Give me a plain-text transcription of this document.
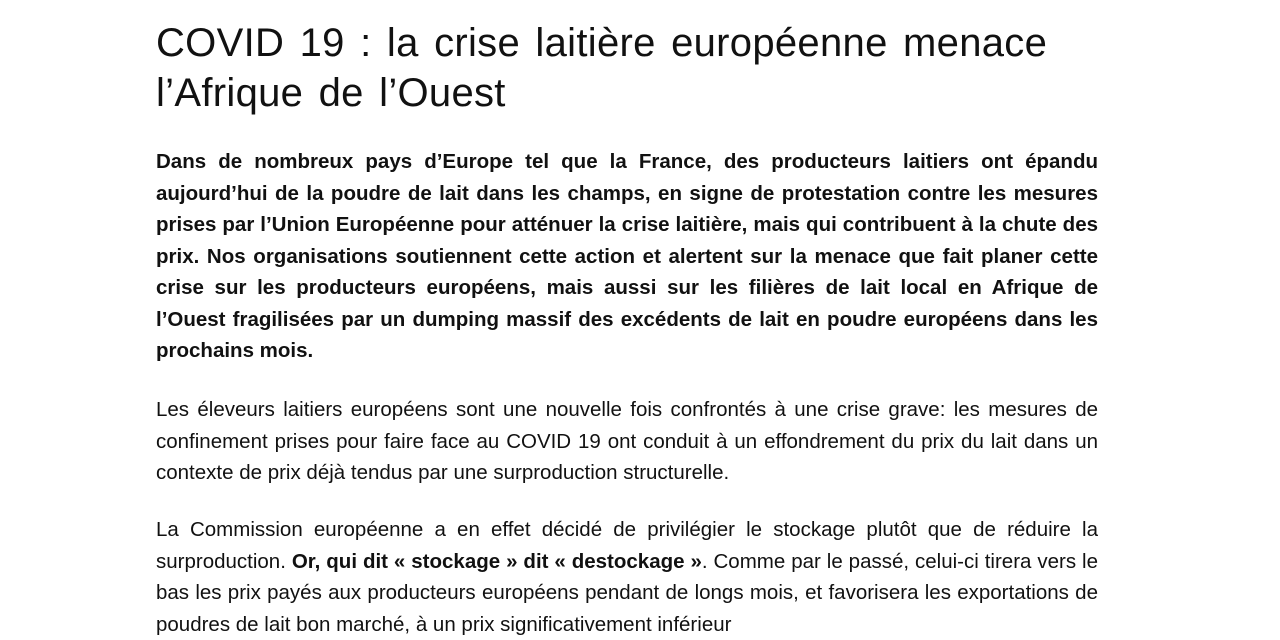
COVID 19 : la crise laitière européenne menace l’Afrique de l’Ouest

Dans de nombreux pays d’Europe tel que la France, des producteurs laitiers ont épandu aujourd’hui de la poudre de lait dans les champs, en signe de protestation contre les mesures prises par l’Union Européenne pour atténuer la crise laitière, mais qui contribuent à la chute des prix. Nos organisations soutiennent cette action et alertent sur la menace que fait planer cette crise sur les producteurs européens, mais aussi sur les filières de lait local en Afrique de l’Ouest fragilisées par un dumping massif des excédents de lait en poudre européens dans les prochains mois.

Les éleveurs laitiers européens sont une nouvelle fois confrontés à une crise grave: les mesures de confinement prises pour faire face au COVID 19 ont conduit à un effondrement du prix du lait dans un contexte de prix déjà tendus par une surproduction structurelle.

La Commission européenne a en effet décidé de privilégier le stockage plutôt que de réduire la surproduction. Or, qui dit « stockage » dit « destockage ». Comme par le passé, celui-ci tirera vers le bas les prix payés aux producteurs européens pendant de longs mois, et favorisera les exportations de poudres de lait bon marché, à un prix significativement inférieur
